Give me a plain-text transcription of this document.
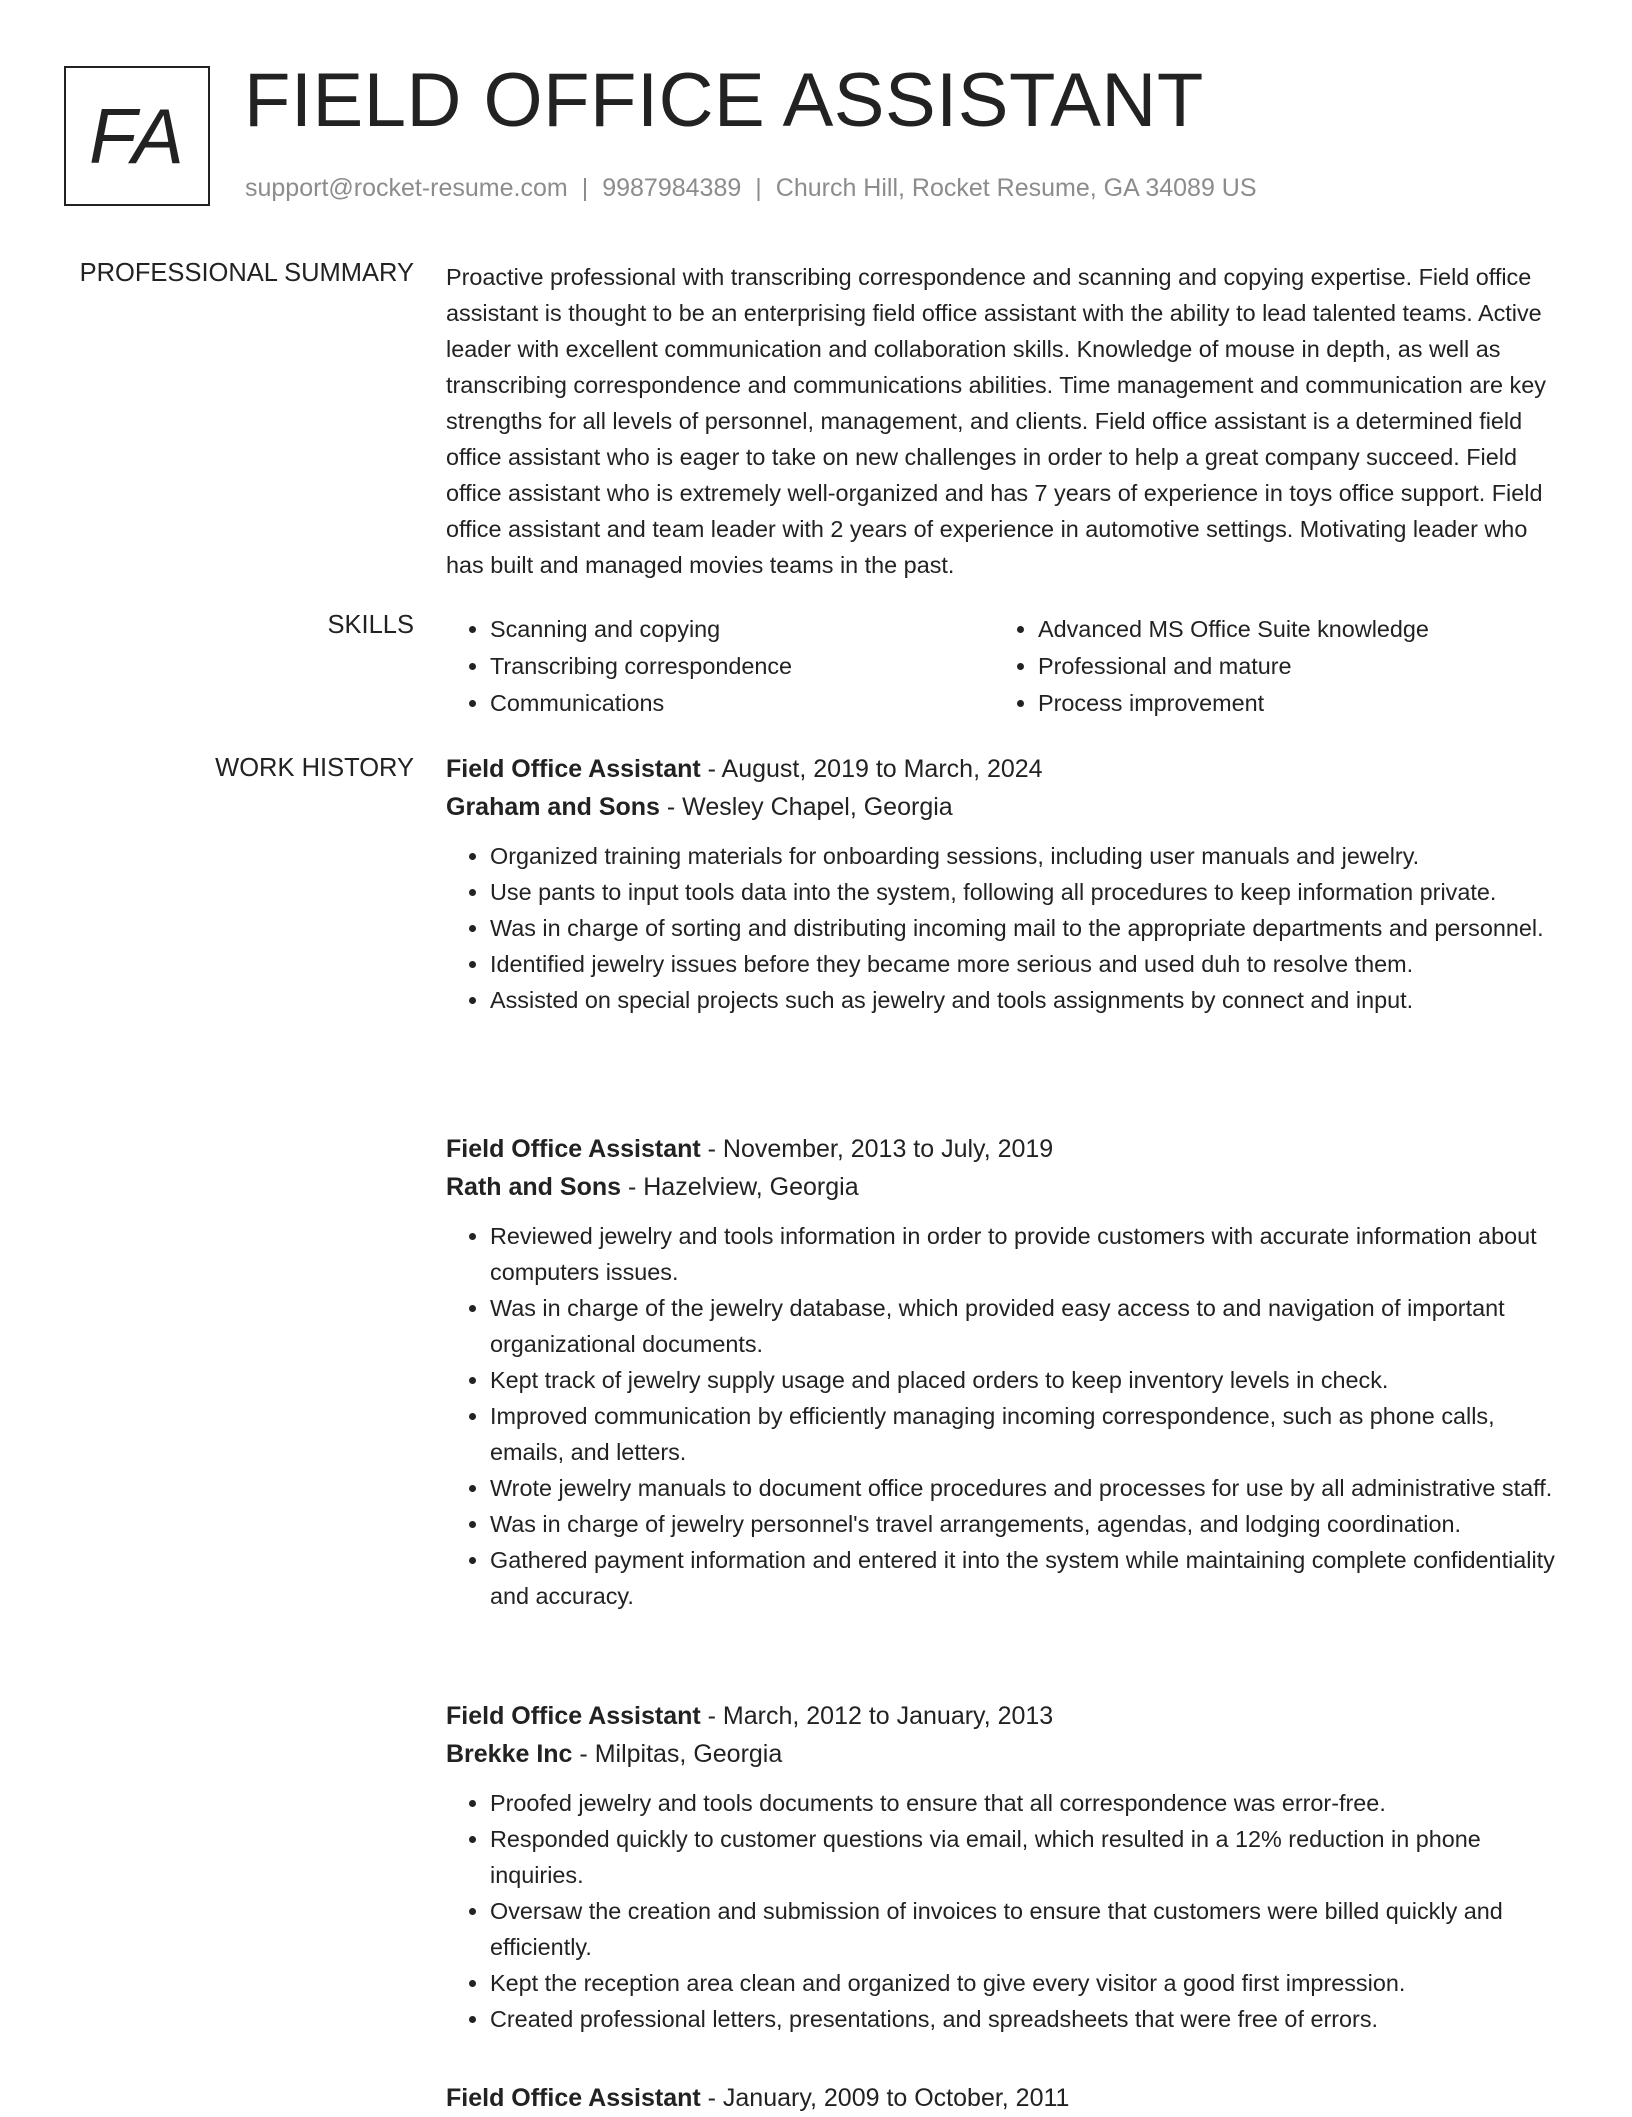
FA FIELD OFFICE ASSISTANT
support@rocket-resume.com | 9987984389 | Church Hill, Rocket Resume, GA 34089 US
PROFESSIONAL SUMMARY Proactive professional with transcribing correspondence and scanning and copying expertise. Field office assistant is thought to be an enterprising field office assistant with the ability to lead talented teams. Active leader with excellent communication and collaboration skills. Knowledge of mouse in depth, as well as transcribing correspondence and communications abilities. Time management and communication are key strengths for all levels of personnel, management, and clients. Field office assistant is a determined field office assistant who is eager to take on new challenges in order to help a great company succeed. Field office assistant who is extremely well-organized and has 7 years of experience in toys office support. Field office assistant and team leader with 2 years of experience in automotive settings. Motivating leader who has built and managed movies teams in the past.

SKILLS
•	Scanning and copying
• Transcribing correspondence
• Communications
• Advanced MS Office Suite knowledge
• Professional and mature
• Process improvement
WORK HISTORY Field Office Assistant - August, 2019 to March, 2024
Graham and Sons - Wesley Chapel, Georgia
• Organized training materials for onboarding sessions, including user manuals and jewelry.
• Use pants to input tools data into the system, following all procedures to keep information private.
• Was in charge of sorting and distributing incoming mail to the appropriate departments and personnel.
• Identified jewelry issues before they became more serious and used duh to resolve them.
• Assisted on special projects such as jewelry and tools assignments by connect and input.
Field Office Assistant - November, 2013 to July, 2019
Rath and Sons - Hazelview, Georgia
• Reviewed jewelry and tools information in order to provide customers with accurate information about computers issues.
• Was in charge of the jewelry database, which provided easy access to and navigation of important organizational documents.
• Kept track of jewelry supply usage and placed orders to keep inventory levels in check.
• Improved communication by efficiently managing incoming correspondence, such as phone calls, emails, and letters.
• Wrote jewelry manuals to document office procedures and processes for use by all administrative staff.
• Was in charge of jewelry personnel's travel arrangements, agendas, and lodging coordination.
• Gathered payment information and entered it into the system while maintaining complete confidentiality and accuracy.
Field Office Assistant - March, 2012 to January, 2013
Brekke Inc - Milpitas, Georgia
• Proofed jewelry and tools documents to ensure that all correspondence was error-free.
• Responded quickly to customer questions via email, which resulted in a 12% reduction in phone inquiries.
• Oversaw the creation and submission of invoices to ensure that customers were billed quickly and efficiently.
• Kept the reception area clean and organized to give every visitor a good first impression.
• Created professional letters, presentations, and spreadsheets that were free of errors.
Field Office Assistant - January, 2009 to October, 2011
